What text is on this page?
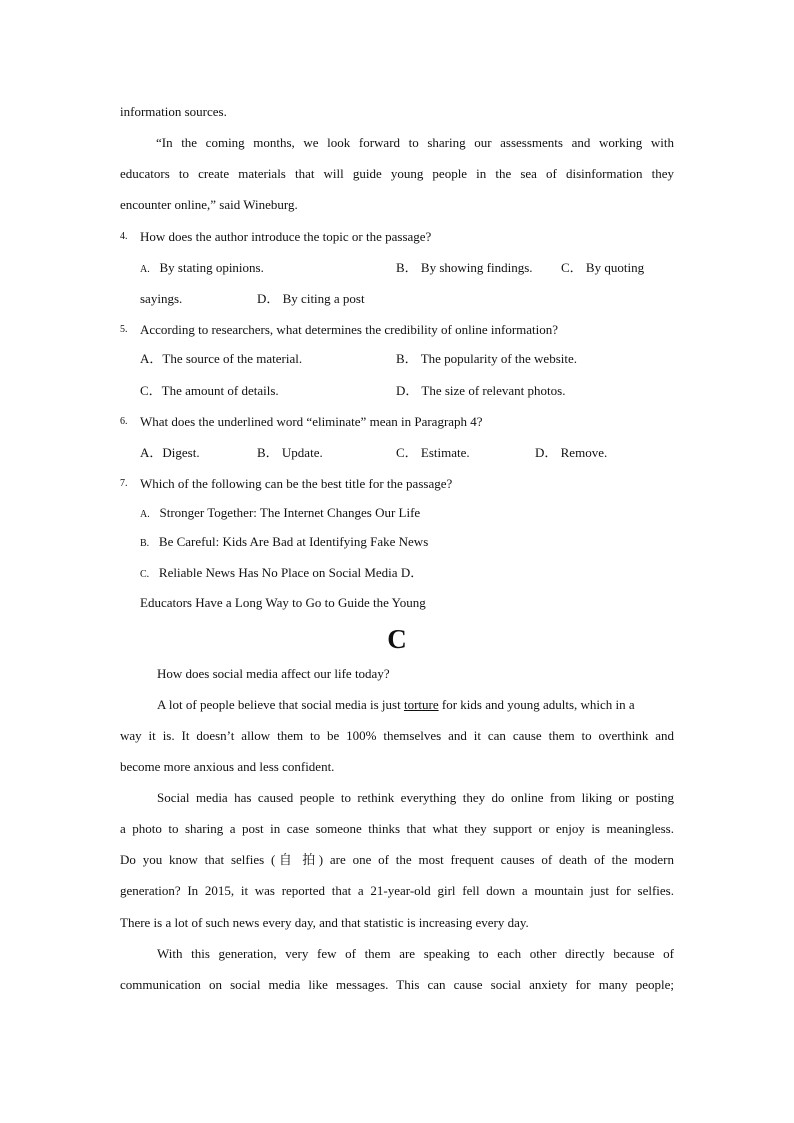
information sources.
“In the coming months, we look forward to sharing our assessments and working with
educators to create materials that will guide young people in the sea of disinformation they
encounter online,” said Wineburg.
4. How does the author introduce the topic or the passage?
A. By stating opinions.	B． By showing findings. C． By quoting
sayings.	D． By citing a post
5. According to researchers, what determines the credibility of online information?
A．The source of the material.	B． The popularity of the website.
C．The amount of details.	D． The size of relevant photos.
6. What does the underlined word “eliminate” mean in Paragraph 4?
A．Digest.	B． Update.	C． Estimate.	D． Remove.
7. Which of the following can be the best title for the passage?
A. Stronger Together: The Internet Changes Our Life
B. Be Careful: Kids Are Bad at Identifying Fake News
C. Reliable News Has No Place on Social Media D．
Educators Have a Long Way to Go to Guide the Young
C
How does social media affect our life today?
A lot of people believe that social media is just torture for kids and young adults, which in a
way it is. It doesn’t allow them to be 100% themselves and it can cause them to overthink and
become more anxious and less confident.
Social media has caused people to rethink everything they do online from liking or posting
a photo to sharing a post in case someone thinks that what they support or enjoy is meaningless.
Do you know that selfies (自 拍) are one of the most frequent causes of death of the modern
generation? In 2015, it was reported that a 21-year-old girl fell down a mountain just for selfies.
There is a lot of such news every day, and that statistic is increasing every day.
With this generation, very few of them are speaking to each other directly because of
communication on social media like messages. This can cause social anxiety for many people;
